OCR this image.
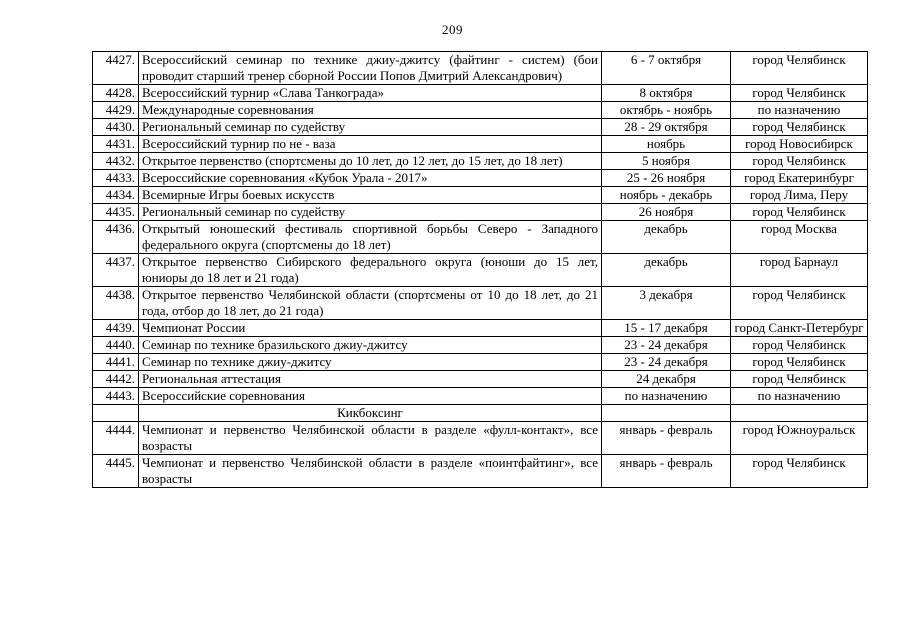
209
4427.	Всероссийский семинар по технике джиу-джитсу (файтинг - систем) (бои проводит старший тренер сборной России Попов Дмитрий Александрович)	6 - 7 октября	город Челябинск
4428.	Всероссийский турнир «Слава Танкограда»	8 октября	город Челябинск
4429.	Международные соревнования	октябрь - ноябрь	по назначению
4430.	Региональный семинар по судейству	28 - 29 октября	город Челябинск
4431.	Всероссийский турнир по не - ваза	ноябрь	город Новосибирск
4432.	Открытое первенство (спортсмены до 10 лет, до 12 лет, до 15 лет, до 18 лет)	5 ноября	город Челябинск
4433.	Всероссийские соревнования «Кубок Урала - 2017»	25 - 26 ноября	город Екатеринбург
4434.	Всемирные Игры боевых искусств	ноябрь - декабрь	город Лима, Перу
4435.	Региональный семинар по судейству	26 ноября	город Челябинск
4436.	Открытый юношеский фестиваль спортивной борьбы Северо - Западного федерального округа (спортсмены до 18 лет)	декабрь	город Москва
4437.	Открытое первенство Сибирского федерального округа (юноши до 15 лет, юниоры до 18 лет и 21 года)	декабрь	город Барнаул
4438.	Открытое первенство Челябинской области (спортсмены от 10 до 18 лет, до 21 года, отбор до 18 лет, до 21 года)	3 декабря	город Челябинск
4439.	Чемпионат России	15 - 17 декабря	город Санкт-Петербург
4440.	Семинар по технике бразильского джиу-джитсу	23 - 24 декабря	город Челябинск
4441.	Семинар по технике джиу-джитсу	23 - 24 декабря	город Челябинск
4442.	Региональная аттестация	24 декабря	город Челябинск
4443.	Всероссийские соревнования	по назначению	по назначению
	Кикбоксинг		
4444.	Чемпионат и первенство Челябинской области в разделе «фулл-контакт», все возрасты	январь - февраль	город Южноуральск
4445.	Чемпионат и первенство Челябинской области в разделе «поинтфайтинг», все возрасты	январь - февраль	город Челябинск
